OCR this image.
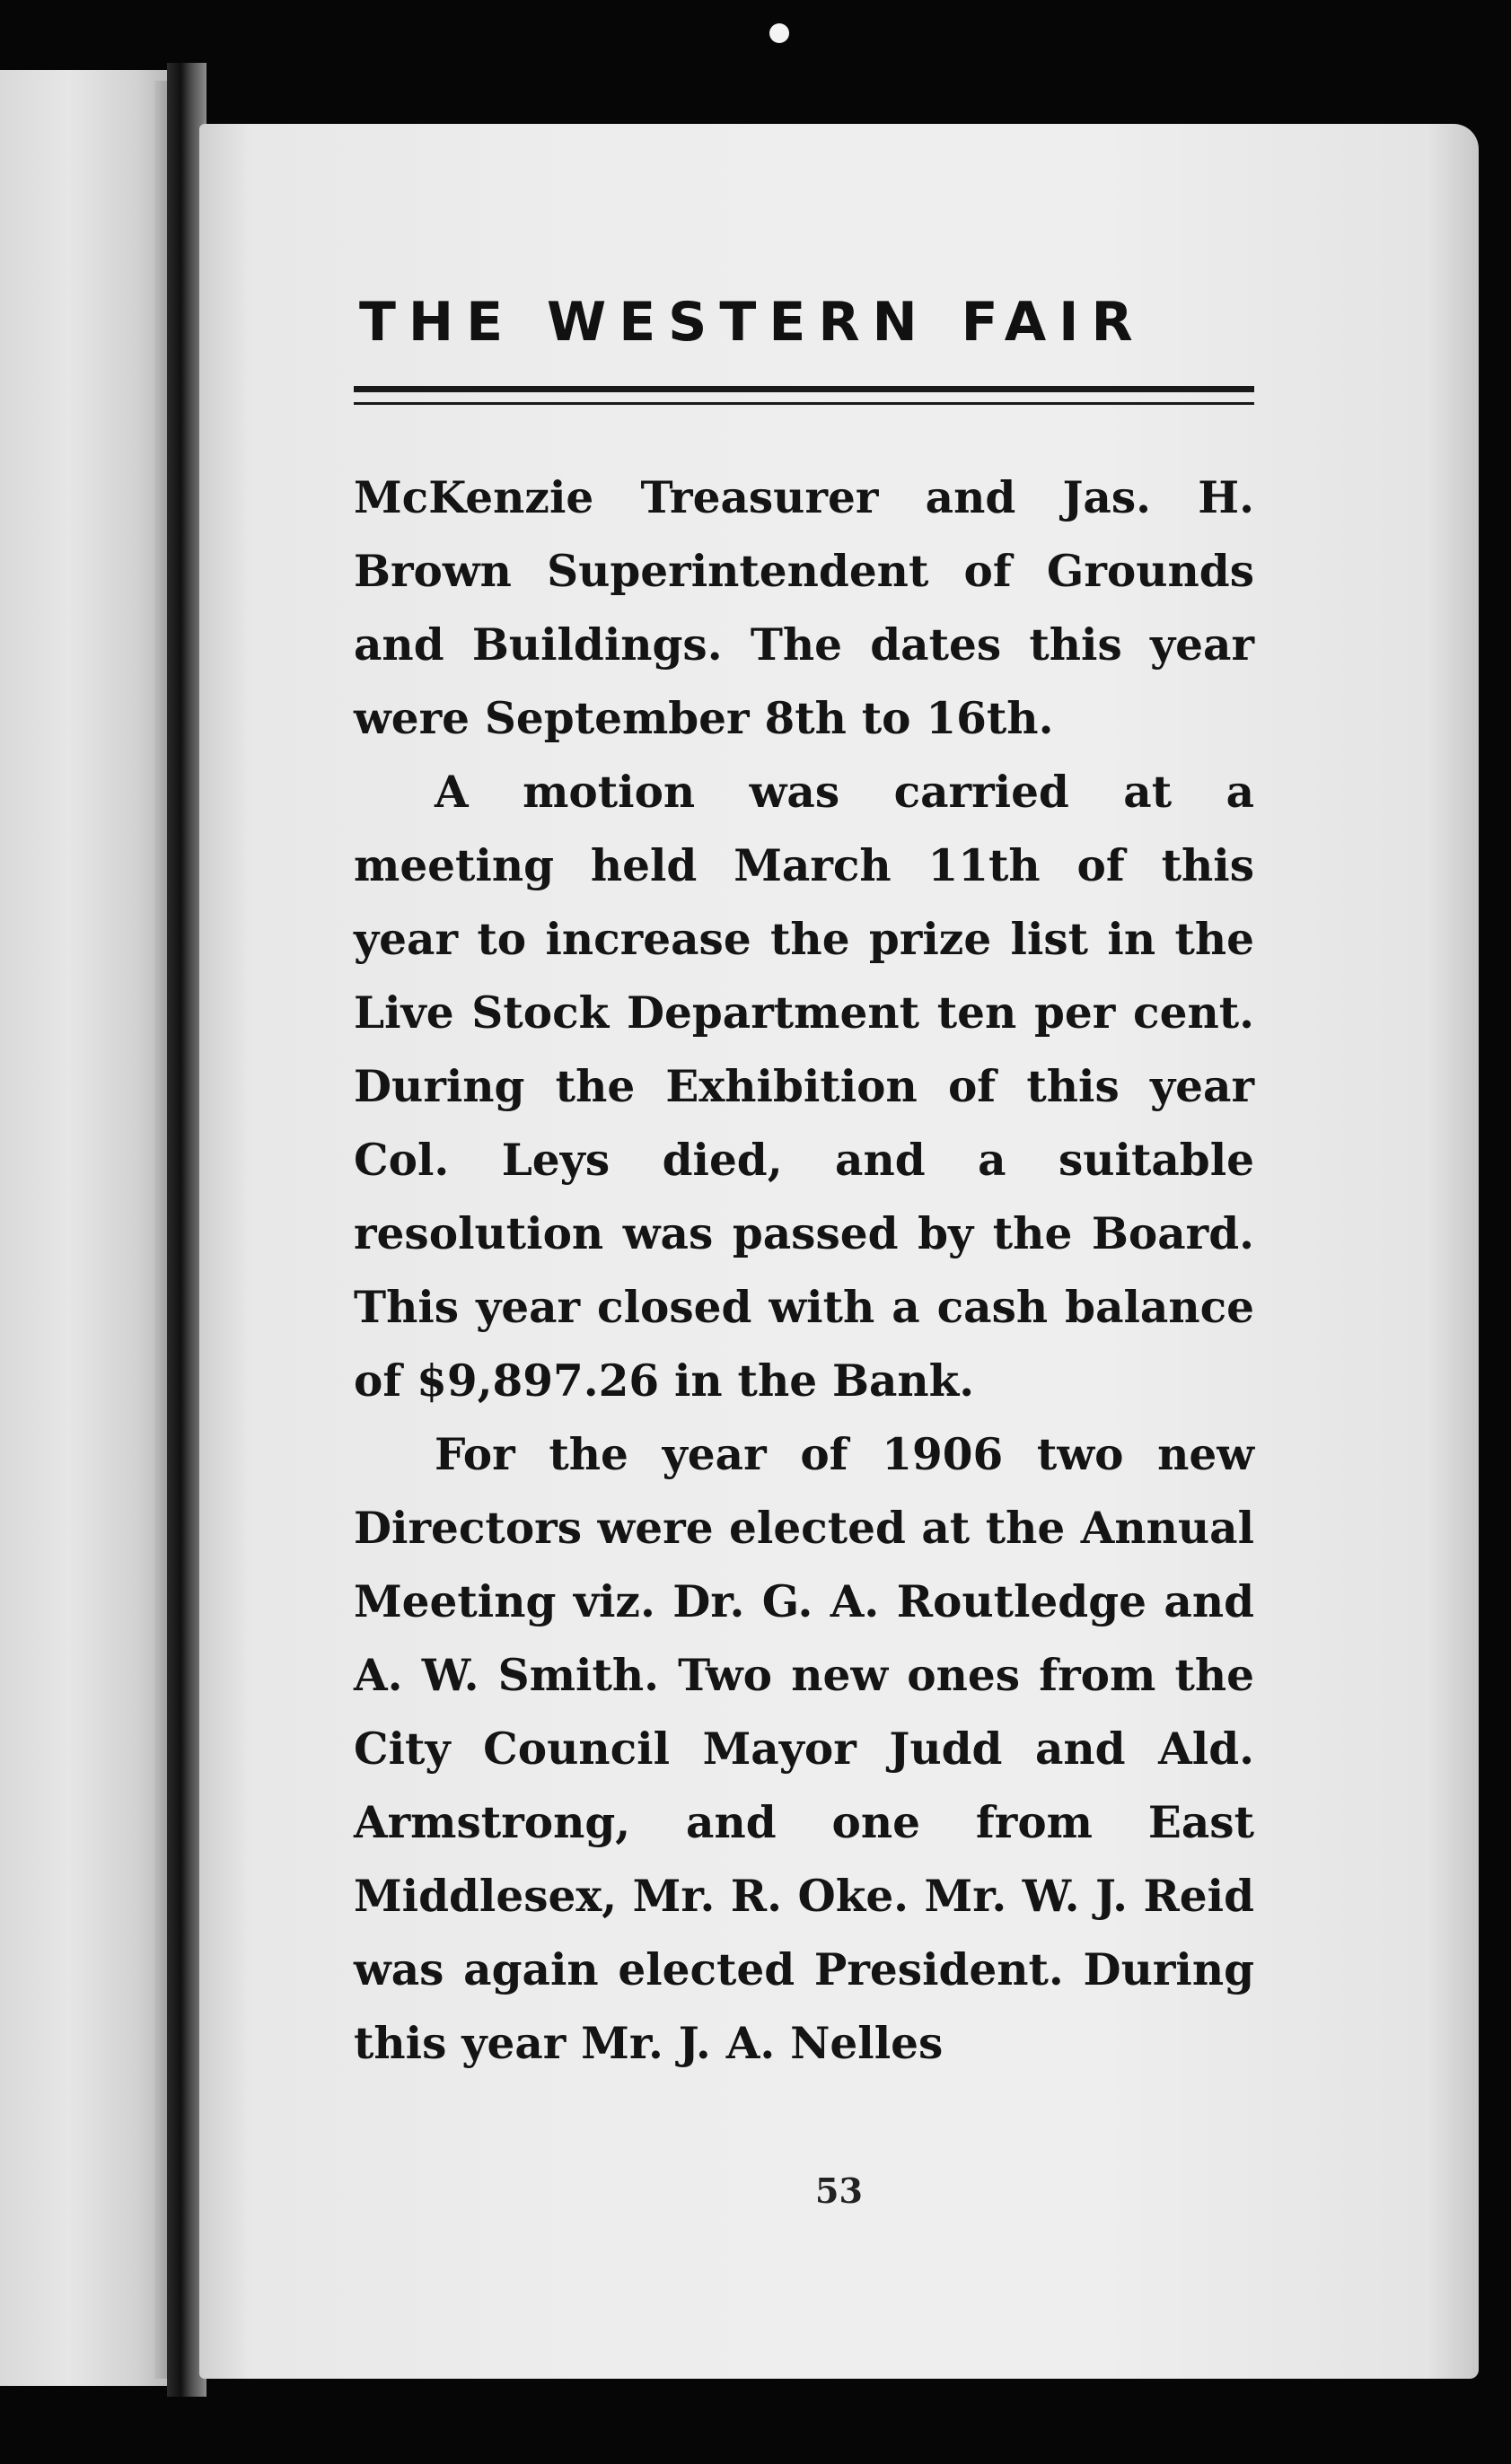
THE WESTERN FAIR

McKenzie Treasurer and Jas. H. Brown Superintendent of Grounds and Buildings. The dates this year were September 8th to 16th.

A motion was carried at a meeting held March 11th of this year to increase the prize list in the Live Stock Department ten per cent. During the Exhibition of this year Col. Leys died, and a suitable resolution was passed by the Board. This year closed with a cash balance of $9,897.26 in the Bank.

For the year of 1906 two new Directors were elected at the Annual Meeting viz. Dr. G. A. Routledge and A. W. Smith. Two new ones from the City Council Mayor Judd and Ald. Armstrong, and one from East Middlesex, Mr. R. Oke. Mr. W. J. Reid was again elected President. During this year Mr. J. A. Nelles

53
